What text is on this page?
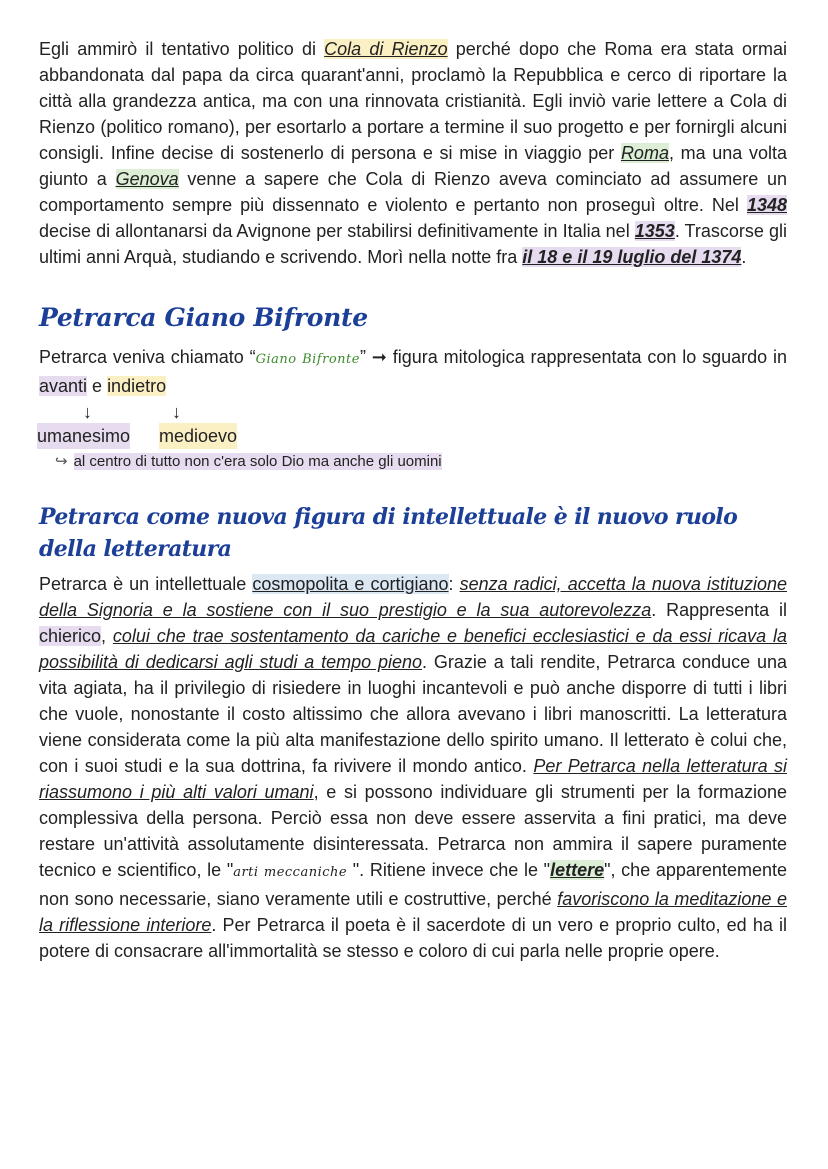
Egli ammirò il tentativo politico di Cola di Rienzo perché dopo che Roma era stata ormai abbandonata dal papa da circa quarant'anni, proclamò la Repubblica e cerco di riportare la città alla grandezza antica, ma con una rinnovata cristianità. Egli inviò varie lettere a Cola di Rienzo (politico romano), per esortarlo a portare a termine il suo progetto e per fornirgli alcuni consigli. Infine decise di sostenerlo di persona e si mise in viaggio per Roma, ma una volta giunto a Genova venne a sapere che Cola di Rienzo aveva cominciato ad assumere un comportamento sempre più dissennato e violento e pertanto non proseguì oltre. Nel 1348 decise di allontanarsi da Avignone per stabilirsi definitivamente in Italia nel 1353. Trascorse gli ultimi anni Arquà, studiando e scrivendo. Morì nella notte fra il 18 e il 19 luglio del 1374.

Petrarca Giano Bifronte

Petrarca veniva chiamato “Giano Bifronte” ➞ figura mitologica rappresentata con lo sguardo in avanti e indietro

↓	↓
umanesimo medioevo
↪ al centro di tutto non c'era solo Dio ma anche gli uomini
Petrarca come nuova figura di intellettuale è il nuovo ruolo della letteratura

Petrarca è un intellettuale cosmopolita e cortigiano: senza radici, accetta la nuova istituzione della Signoria e la sostiene con il suo prestigio e la sua autorevolezza. Rappresenta il chierico, colui che trae sostentamento da cariche e benefici ecclesiastici e da essi ricava la possibilità di dedicarsi agli studi a tempo pieno. Grazie a tali rendite, Petrarca conduce una vita agiata, ha il privilegio di risiedere in luoghi incantevoli e può anche disporre di tutti i libri che vuole, nonostante il costo altissimo che allora avevano i libri manoscritti. La letteratura viene considerata come la più alta manifestazione dello spirito umano. Il letterato è colui che, con i suoi studi e la sua dottrina, fa rivivere il mondo antico. Per Petrarca nella letteratura si riassumono i più alti valori umani, e si possono individuare gli strumenti per la formazione complessiva della persona. Perciò essa non deve essere asservita a fini pratici, ma deve restare un'attività assolutamente disinteressata. Petrarca non ammira il sapere puramente tecnico e scientifico, le "arti meccaniche ". Ritiene invece che le "lettere", che apparentemente non sono necessarie, siano veramente utili e costruttive, perché favoriscono la meditazione e la riflessione interiore. Per Petrarca il poeta è il sacerdote di un vero e proprio culto, ed ha il potere di consacrare all'immortalità se stesso e coloro di cui parla nelle proprie opere.
